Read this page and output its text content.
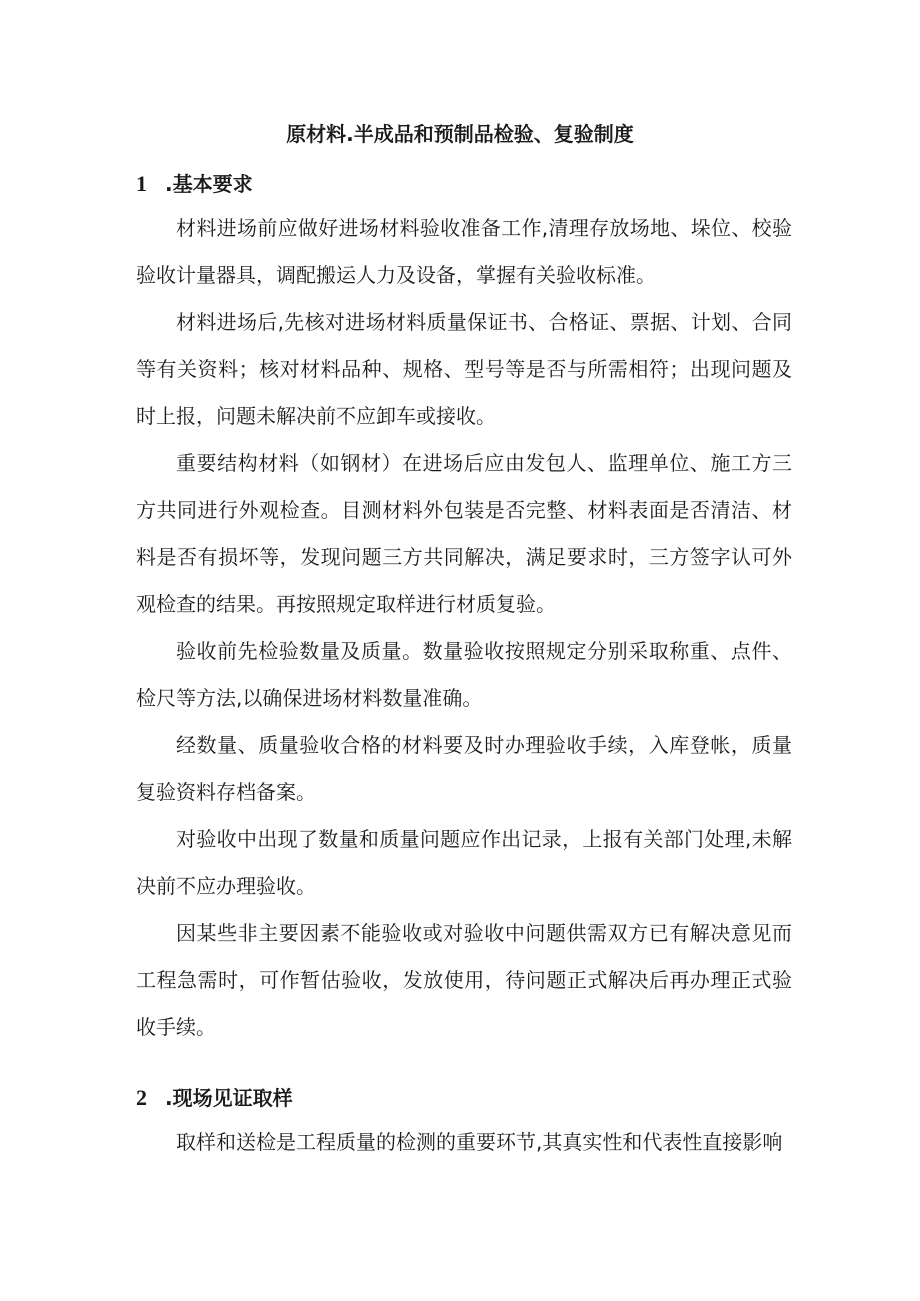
原材料.半成品和预制品检验、复验制度
1 .基本要求

材料进场前应做好进场材料验收准备工作,清理存放场地、垛位、校验验收计量器具，调配搬运人力及设备，掌握有关验收标准。

材料进场后,先核对进场材料质量保证书、合格证、票据、计划、合同等有关资料；核对材料品种、规格、型号等是否与所需相符；出现问题及时上报，问题未解决前不应卸车或接收。

重要结构材料（如钢材）在进场后应由发包人、监理单位、施工方三方共同进行外观检查。目测材料外包装是否完整、材料表面是否清洁、材料是否有损坏等，发现问题三方共同解决，满足要求时，三方签字认可外观检查的结果。再按照规定取样进行材质复验。

验收前先检验数量及质量。数量验收按照规定分别采取称重、点件、检尺等方法,以确保进场材料数量准确。

经数量、质量验收合格的材料要及时办理验收手续，入库登帐，质量复验资料存档备案。

对验收中出现了数量和质量问题应作出记录，上报有关部门处理,未解决前不应办理验收。

因某些非主要因素不能验收或对验收中问题供需双方已有解决意见而工程急需时，可作暂估验收，发放使用，待问题正式解决后再办理正式验收手续。

2 .现场见证取样

取样和送检是工程质量的检测的重要环节,其真实性和代表性直接影响
